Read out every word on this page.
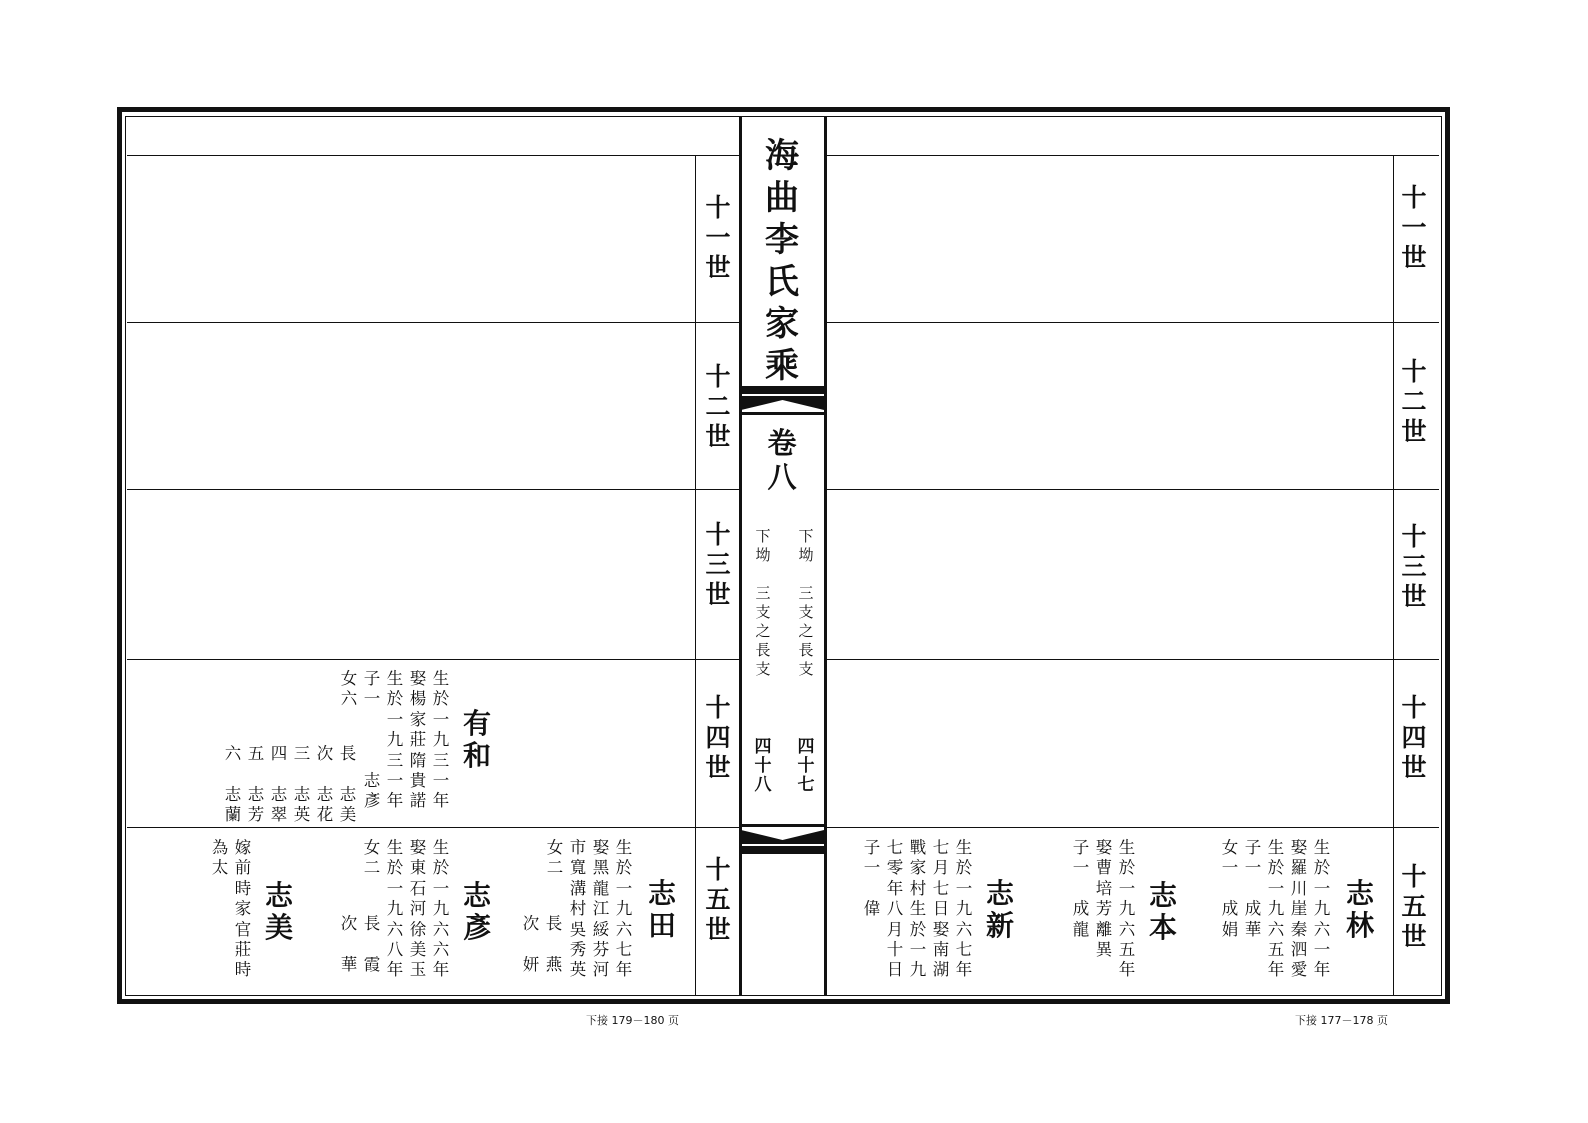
海
曲
李
氏
家
乘
卷
八
下
坳

三
支
之
長
支
下
坳

三
支
之
長
支
四
十
七
四
十
八
十
一
世
十
二
世
十
三
世
十
四
世
十
五
世
十
一
世
十
二
世
十
三
世
十
四
世
十
五
世
有
和
生
於
一
九
三
一
年
娶
楊
家
莊
隋
貴
諾
生
於
一
九
三
一
年
子
一
志
彥
女
六
長

志
美
次

志
花
三

志
英
四

志
翠
五

志
芳
六

志
蘭
志
田
生
於
一
九
六
七
年
娶
黑
龍
江
綏
芬
河
市
寬
溝
村
吳
秀
英
女
二
長

燕
次

妍
志
彥
生
於
一
九
六
六
年
娶
東
石
河
徐
美
玉
生
於
一
九
六
八
年
女
二
長

霞
次

華
志
美
嫁
前
時
家
官
莊
時
為
太
志
林
生
於
一
九
六
一
年
娶
羅
川
崖
秦
泗
愛
生
於
一
九
六
五
年
子
一

成
華
女
一

成
娟
志
本
生
於
一
九
六
五
年
娶
曹
培
芳
離
異
子
一

成
龍
志
新
生
於
一
九
六
七
年
七
月
七
日
娶
南
湖
戰
家
村
生
於
一
九
七
零
年
八
月
十
日
子
一

偉
下接 179－180 页	下接 177－178 页
